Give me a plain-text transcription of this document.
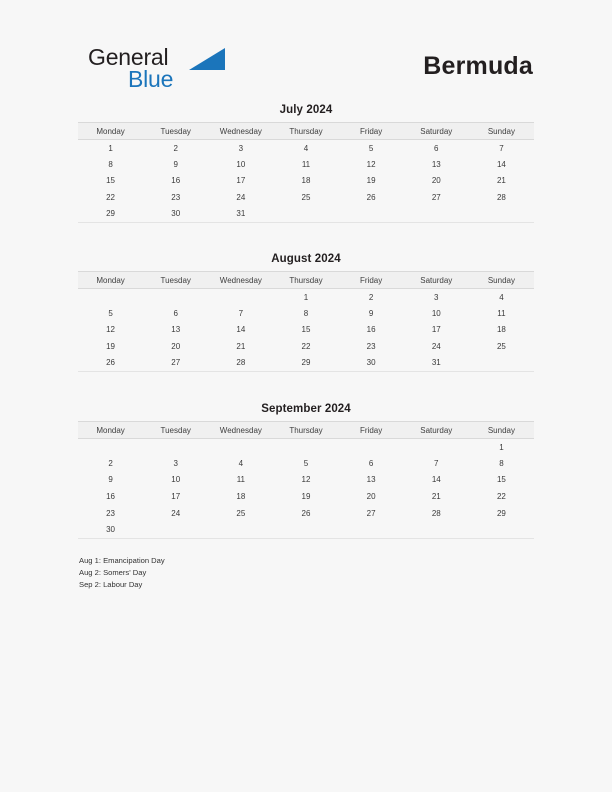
General
Blue	Bermuda
July 2024
Monday	Tuesday	Wednesday	Thursday	Friday	Saturday	Sunday
1	2	3	4	5	6	7
8	9	10	11	12	13	14
15	16	17	18	19	20	21
22	23	24	25	26	27	28
29	30	31				
August 2024
Monday	Tuesday	Wednesday	Thursday	Friday	Saturday	Sunday
			1	2	3	4
5	6	7	8	9	10	11
12	13	14	15	16	17	18
19	20	21	22	23	24	25
26	27	28	29	30	31	
September 2024
Monday	Tuesday	Wednesday	Thursday	Friday	Saturday	Sunday
						1
2	3	4	5	6	7	8
9	10	11	12	13	14	15
16	17	18	19	20	21	22
23	24	25	26	27	28	29
30						
Aug 1: Emancipation Day
Aug 2: Somers' Day
Sep 2: Labour Day
